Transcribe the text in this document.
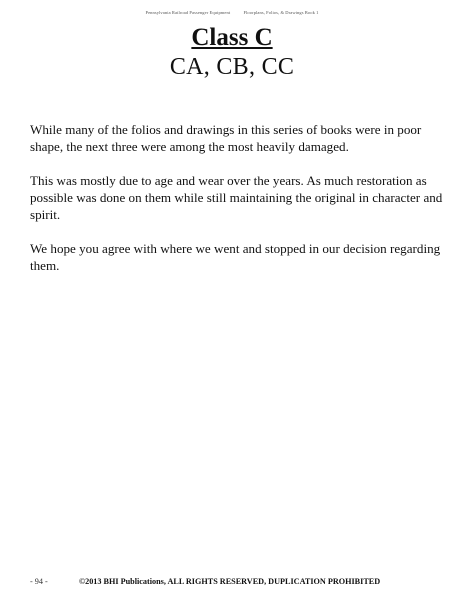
Pennsylvania Railroad Passenger Equipment	Floorplans, Folios, & Drawings Book 1
Class C
CA, CB, CC

While many of the folios and drawings in this series of books were in poor shape, the next three were among the most heavily damaged.

This was mostly due to age and wear over the years. As much restoration as possible was done on them while still maintaining the original in character and spirit.

We hope you agree with where we went and stopped in our decision regarding them.

- 94 -	©2013 BHI Publications, ALL RIGHTS RESERVED, DUPLICATION PROHIBITED
